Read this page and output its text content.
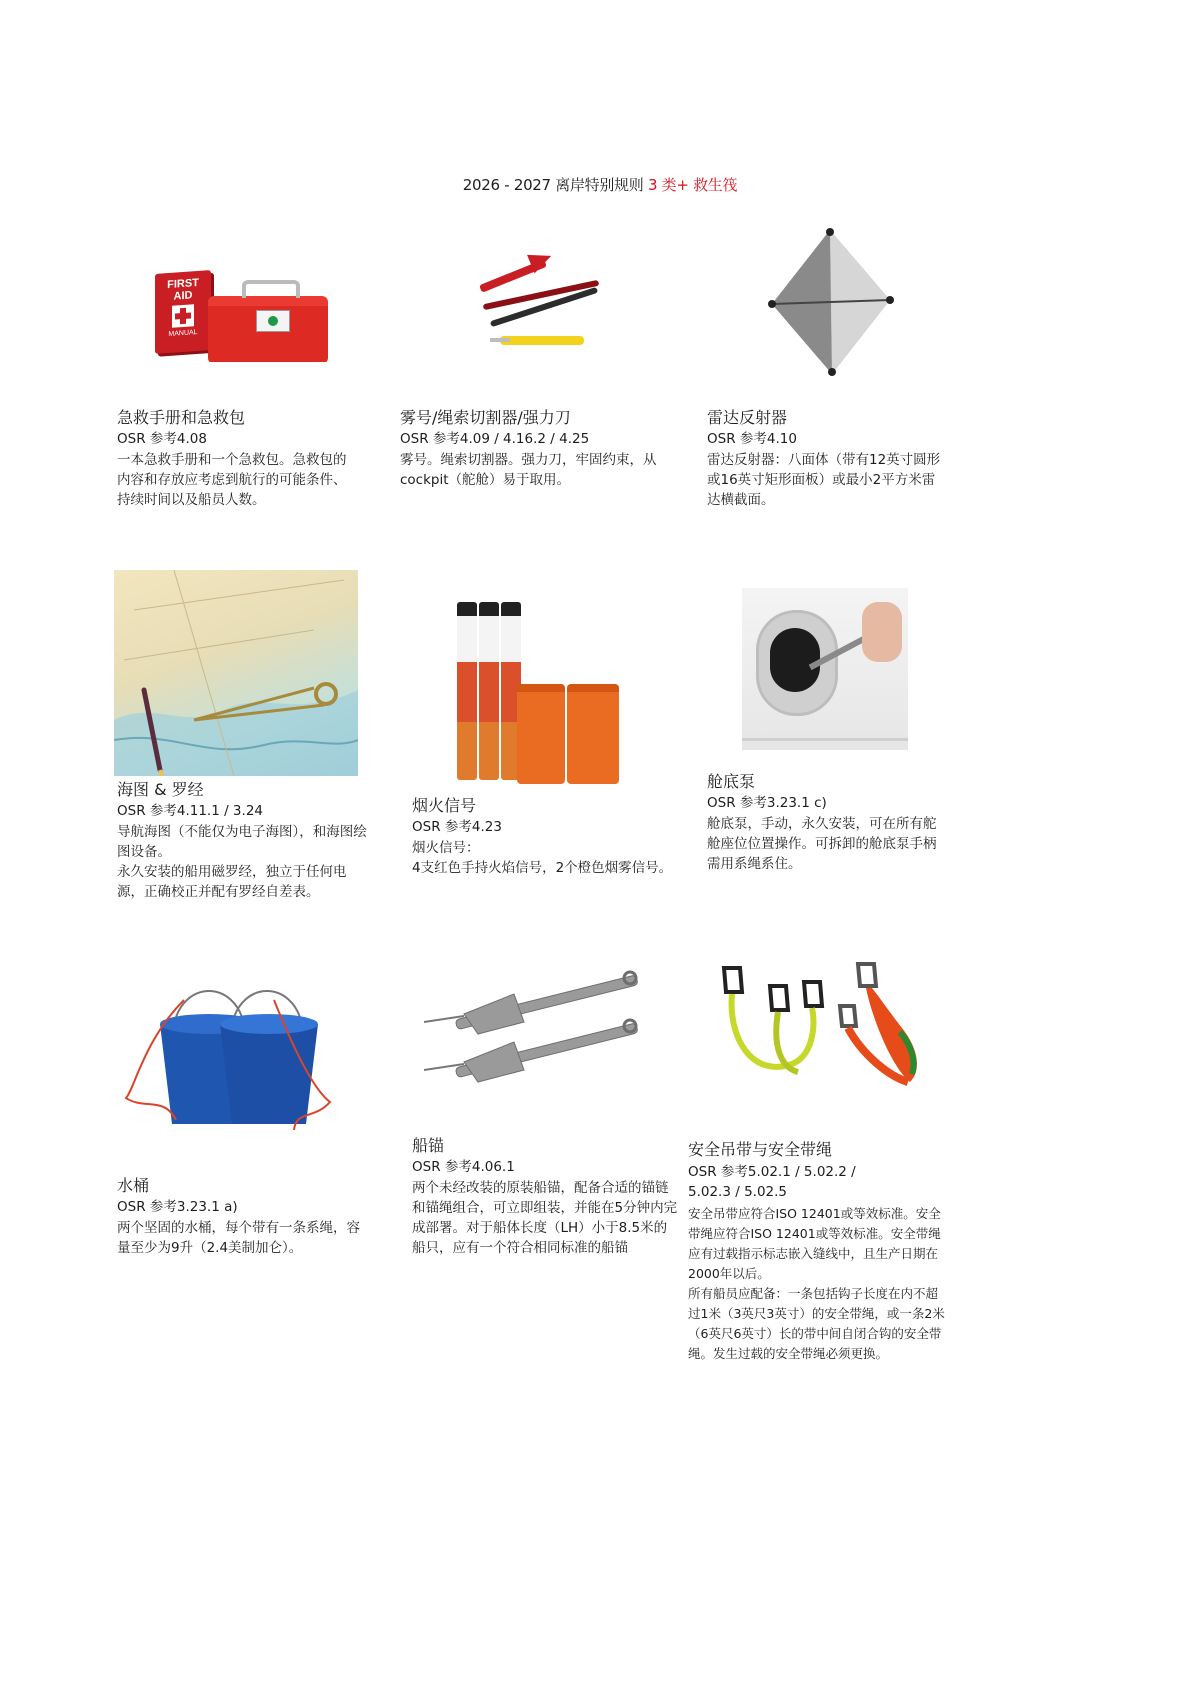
2026 - 2027 离岸特别规则 3 类+ 救生筏
FIRST
AID
MANUAL
急救手册和急救包
OSR 参考4.08

一本急救手册和一个急救包。急救包的内容和存放应考虑到航行的可能条件、持续时间以及船员人数。

雾号/绳索切割器/强力刀
OSR 参考4.09 / 4.16.2 / 4.25

雾号。绳索切割器。强力刀，牢固约束，从 cockpit（舵舱）易于取用。

雷达反射器
OSR 参考4.10

雷达反射器：八面体（带有12英寸圆形或16英寸矩形面板）或最小2平方米雷达横截面。

海图 & 罗经
OSR 参考4.11.1 / 3.24

导航海图（不能仅为电子海图），和海图绘图设备。

永久安装的船用磁罗经，独立于任何电源，正确校正并配有罗经自差表。

烟火信号
OSR 参考4.23

烟火信号：

4支红色手持火焰信号，2个橙色烟雾信号。

舱底泵
OSR 参考3.23.1 c)

舱底泵，手动，永久安装，可在所有舵舱座位位置操作。可拆卸的舱底泵手柄需用系绳系住。

水桶
OSR 参考3.23.1 a)

两个坚固的水桶，每个带有一条系绳，容量至少为9升（2.4美制加仑）。

船锚
OSR 参考4.06.1

两个未经改装的原装船锚，配备合适的锚链和锚绳组合，可立即组装，并能在5分钟内完成部署。对于船体长度（LH）小于8.5米的船只，应有一个符合相同标准的船锚

安全吊带与安全带绳
OSR 参考5.02.1 / 5.02.2 / 5.02.3 / 5.02.5

安全吊带应符合ISO 12401或等效标准。安全带绳应符合ISO 12401或等效标准。安全带绳应有过载指示标志嵌入缝线中，且生产日期在2000年以后。

所有船员应配备：一条包括钩子长度在内不超过1米（3英尺3英寸）的安全带绳，或一条2米（6英尺6英寸）长的带中间自闭合钩的安全带绳。发生过载的安全带绳必须更换。
